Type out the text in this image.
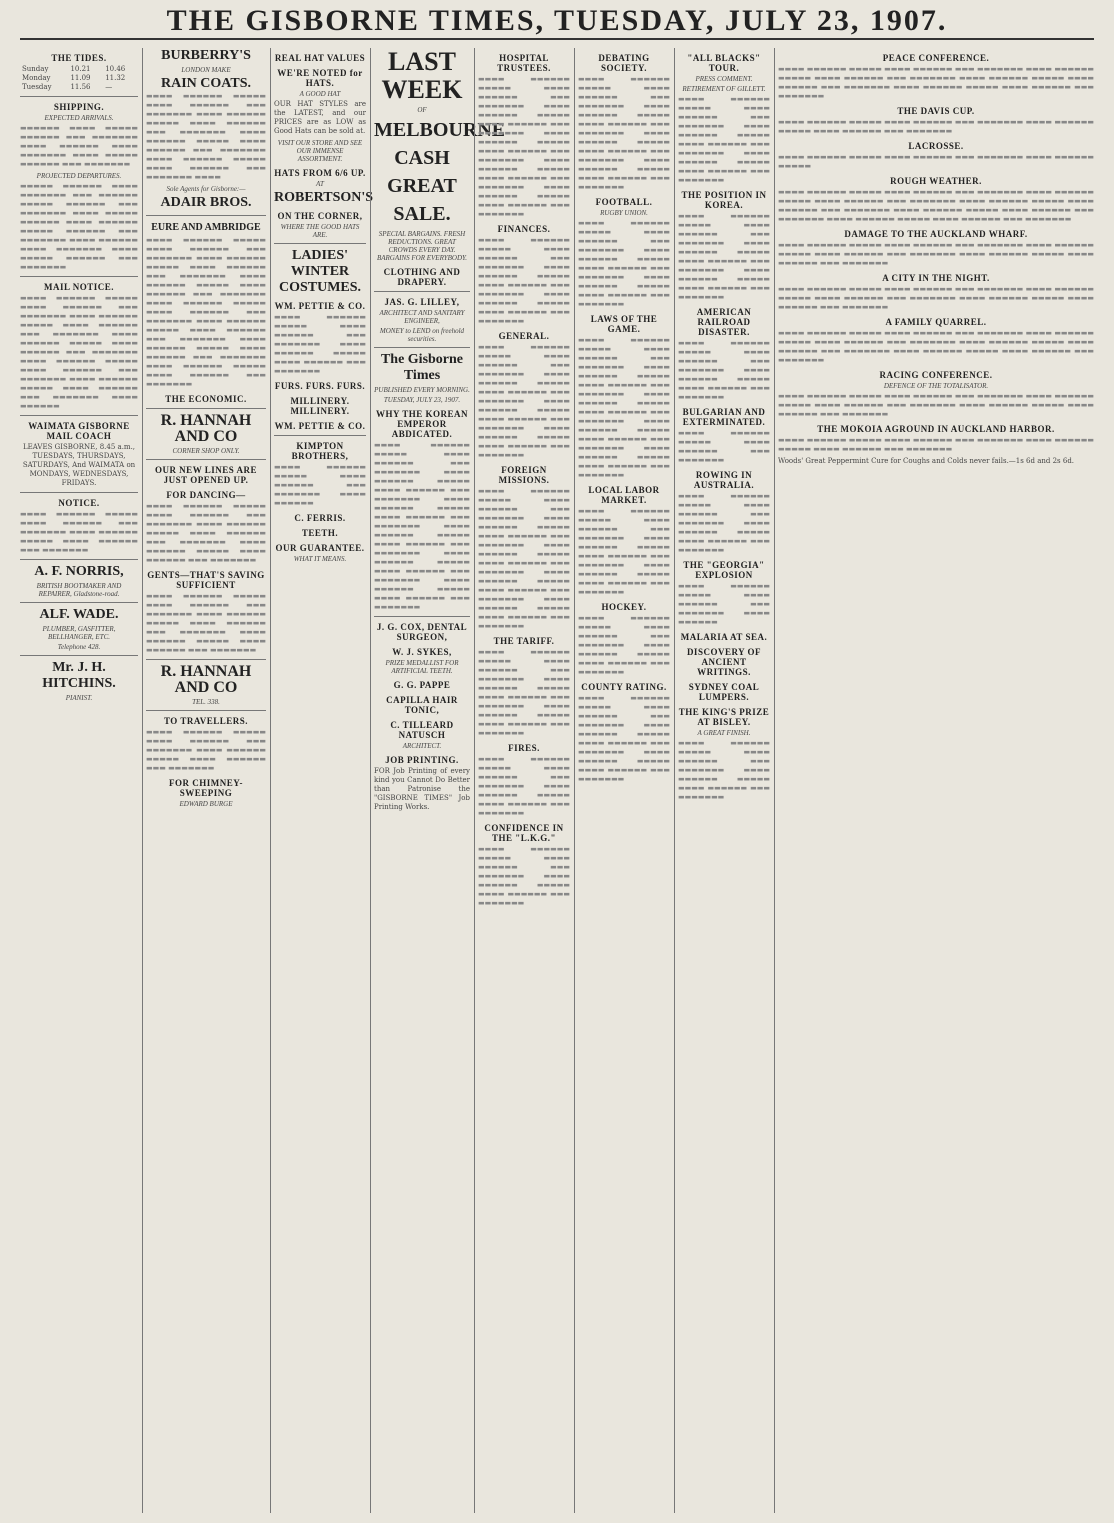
THE GISBORNE TIMES, TUESDAY, JULY 23, 1907.
THE TIDES.
Sunday	10.21	10.46
Monday	11.09	11.32
Tuesday	11.56	—
SHIPPING.
EXPECTED ARRIVALS.

▬▬▬▬▬▬ ▬▬▬▬ ▬▬▬▬▬ ▬▬▬▬▬▬ ▬▬▬ ▬▬▬▬▬▬▬ ▬▬▬▬ ▬▬▬▬▬▬ ▬▬▬▬ ▬▬▬▬▬▬▬ ▬▬▬▬ ▬▬▬▬▬ ▬▬▬▬▬▬ ▬▬▬ ▬▬▬▬▬▬▬

PROJECTED DEPARTURES.

▬▬▬▬▬ ▬▬▬▬▬▬ ▬▬▬▬ ▬▬▬▬▬▬▬ ▬▬▬ ▬▬▬▬▬▬ ▬▬▬▬▬ ▬▬▬▬▬▬ ▬▬▬ ▬▬▬▬▬▬▬ ▬▬▬▬ ▬▬▬▬▬ ▬▬▬▬▬▬ ▬▬▬▬ ▬▬▬▬▬▬ ▬▬▬▬▬ ▬▬▬▬▬▬ ▬▬▬ ▬▬▬▬▬▬▬ ▬▬▬▬ ▬▬▬▬▬▬ ▬▬▬▬ ▬▬▬▬▬▬▬ ▬▬▬▬ ▬▬▬▬▬ ▬▬▬▬▬▬ ▬▬▬ ▬▬▬▬▬▬▬

MAIL NOTICE.

▬▬▬▬ ▬▬▬▬▬▬ ▬▬▬▬▬ ▬▬▬▬ ▬▬▬▬▬▬ ▬▬▬ ▬▬▬▬▬▬▬ ▬▬▬▬ ▬▬▬▬▬▬ ▬▬▬▬▬ ▬▬▬▬ ▬▬▬▬▬▬ ▬▬▬ ▬▬▬▬▬▬▬ ▬▬▬▬ ▬▬▬▬▬▬ ▬▬▬▬▬ ▬▬▬▬ ▬▬▬▬▬▬ ▬▬▬ ▬▬▬▬▬▬▬ ▬▬▬▬ ▬▬▬▬▬▬ ▬▬▬▬▬ ▬▬▬▬ ▬▬▬▬▬▬ ▬▬▬ ▬▬▬▬▬▬▬ ▬▬▬▬ ▬▬▬▬▬▬ ▬▬▬▬▬ ▬▬▬▬ ▬▬▬▬▬▬ ▬▬▬ ▬▬▬▬▬▬▬ ▬▬▬▬ ▬▬▬▬▬▬

WAIMATA GISBORNE MAIL COACH

LEAVES GISBORNE, 8.45 a.m., TUESDAYS, THURSDAYS, SATURDAYS, And WAIMATA on MONDAYS, WEDNESDAYS, FRIDAYS.

NOTICE.

▬▬▬▬ ▬▬▬▬▬▬ ▬▬▬▬▬ ▬▬▬▬ ▬▬▬▬▬▬ ▬▬▬ ▬▬▬▬▬▬▬ ▬▬▬▬ ▬▬▬▬▬▬ ▬▬▬▬▬ ▬▬▬▬ ▬▬▬▬▬▬ ▬▬▬ ▬▬▬▬▬▬▬

A. F. NORRIS,
BRITISH BOOTMAKER AND REPAIRER, Gladstone-road.
ALF. WADE.
PLUMBER, GASFITTER, BELLHANGER, ETC.
Telephone 428.
Mr. J. H. HITCHINS.
PIANIST.
BURBERRY'S
LONDON MAKE
RAIN COATS.

▬▬▬▬ ▬▬▬▬▬▬ ▬▬▬▬▬ ▬▬▬▬ ▬▬▬▬▬▬ ▬▬▬ ▬▬▬▬▬▬▬ ▬▬▬▬ ▬▬▬▬▬▬ ▬▬▬▬▬ ▬▬▬▬ ▬▬▬▬▬▬ ▬▬▬ ▬▬▬▬▬▬▬ ▬▬▬▬ ▬▬▬▬▬▬ ▬▬▬▬▬ ▬▬▬▬ ▬▬▬▬▬▬ ▬▬▬ ▬▬▬▬▬▬▬ ▬▬▬▬ ▬▬▬▬▬▬ ▬▬▬▬▬ ▬▬▬▬ ▬▬▬▬▬▬ ▬▬▬ ▬▬▬▬▬▬▬ ▬▬▬▬

Sole Agents for Gisborne:—
ADAIR BROS.
EURE AND AMBRIDGE

▬▬▬▬ ▬▬▬▬▬▬ ▬▬▬▬▬ ▬▬▬▬ ▬▬▬▬▬▬ ▬▬▬ ▬▬▬▬▬▬▬ ▬▬▬▬ ▬▬▬▬▬▬ ▬▬▬▬▬ ▬▬▬▬ ▬▬▬▬▬▬ ▬▬▬ ▬▬▬▬▬▬▬ ▬▬▬▬ ▬▬▬▬▬▬ ▬▬▬▬▬ ▬▬▬▬ ▬▬▬▬▬▬ ▬▬▬ ▬▬▬▬▬▬▬ ▬▬▬▬ ▬▬▬▬▬▬ ▬▬▬▬▬ ▬▬▬▬ ▬▬▬▬▬▬ ▬▬▬ ▬▬▬▬▬▬▬ ▬▬▬▬ ▬▬▬▬▬▬ ▬▬▬▬▬ ▬▬▬▬ ▬▬▬▬▬▬ ▬▬▬ ▬▬▬▬▬▬▬ ▬▬▬▬ ▬▬▬▬▬▬ ▬▬▬▬▬ ▬▬▬▬ ▬▬▬▬▬▬ ▬▬▬ ▬▬▬▬▬▬▬ ▬▬▬▬ ▬▬▬▬▬▬ ▬▬▬▬▬ ▬▬▬▬ ▬▬▬▬▬▬ ▬▬▬ ▬▬▬▬▬▬▬

THE ECONOMIC.
R. HANNAH AND CO
CORNER SHOP ONLY.
OUR NEW LINES ARE JUST OPENED UP.
FOR DANCING—

▬▬▬▬ ▬▬▬▬▬▬ ▬▬▬▬▬ ▬▬▬▬ ▬▬▬▬▬▬ ▬▬▬ ▬▬▬▬▬▬▬ ▬▬▬▬ ▬▬▬▬▬▬ ▬▬▬▬▬ ▬▬▬▬ ▬▬▬▬▬▬ ▬▬▬ ▬▬▬▬▬▬▬ ▬▬▬▬ ▬▬▬▬▬▬ ▬▬▬▬▬ ▬▬▬▬ ▬▬▬▬▬▬ ▬▬▬ ▬▬▬▬▬▬▬

GENTS—THAT'S SAVING SUFFICIENT

▬▬▬▬ ▬▬▬▬▬▬ ▬▬▬▬▬ ▬▬▬▬ ▬▬▬▬▬▬ ▬▬▬ ▬▬▬▬▬▬▬ ▬▬▬▬ ▬▬▬▬▬▬ ▬▬▬▬▬ ▬▬▬▬ ▬▬▬▬▬▬ ▬▬▬ ▬▬▬▬▬▬▬ ▬▬▬▬ ▬▬▬▬▬▬ ▬▬▬▬▬ ▬▬▬▬ ▬▬▬▬▬▬ ▬▬▬ ▬▬▬▬▬▬▬

R. HANNAH AND CO
TEL. 338.
TO TRAVELLERS.

▬▬▬▬ ▬▬▬▬▬▬ ▬▬▬▬▬ ▬▬▬▬ ▬▬▬▬▬▬ ▬▬▬ ▬▬▬▬▬▬▬ ▬▬▬▬ ▬▬▬▬▬▬ ▬▬▬▬▬ ▬▬▬▬ ▬▬▬▬▬▬ ▬▬▬ ▬▬▬▬▬▬▬

FOR CHIMNEY-SWEEPING
EDWARD BURGE
REAL HAT VALUES
WE'RE NOTED for HATS.
A GOOD HAT

OUR HAT STYLES are the LATEST, and our PRICES are as LOW as Good Hats can be sold at.

VISIT OUR STORE AND SEE OUR IMMENSE ASSORTMENT.
HATS FROM 6/6 UP.
AT
ROBERTSON'S
ON THE CORNER,
WHERE THE GOOD HATS ARE.
LADIES' WINTER COSTUMES.
WM. PETTIE & CO.

▬▬▬▬ ▬▬▬▬▬▬ ▬▬▬▬▬ ▬▬▬▬ ▬▬▬▬▬▬ ▬▬▬ ▬▬▬▬▬▬▬ ▬▬▬▬ ▬▬▬▬▬▬ ▬▬▬▬▬ ▬▬▬▬ ▬▬▬▬▬▬ ▬▬▬ ▬▬▬▬▬▬▬

FURS. FURS. FURS.
MILLINERY. MILLINERY.
WM. PETTIE & CO.
KIMPTON BROTHERS,

▬▬▬▬ ▬▬▬▬▬▬ ▬▬▬▬▬ ▬▬▬▬ ▬▬▬▬▬▬ ▬▬▬ ▬▬▬▬▬▬▬ ▬▬▬▬ ▬▬▬▬▬▬

C. FERRIS.
TEETH.
OUR GUARANTEE.
WHAT IT MEANS.
LAST WEEK
OF
MELBOURNE CASH
GREAT SALE.
SPECIAL BARGAINS. FRESH REDUCTIONS. GREAT CROWDS EVERY DAY. BARGAINS FOR EVERYBODY.
CLOTHING AND DRAPERY.
JAS. G. LILLEY,
ARCHITECT AND SANITARY ENGINEER,
MONEY to LEND on freehold securities.
The Gisborne Times
PUBLISHED EVERY MORNING.
TUESDAY, JULY 23, 1907.
WHY THE KOREAN EMPEROR ABDICATED.

▬▬▬▬ ▬▬▬▬▬▬ ▬▬▬▬▬ ▬▬▬▬ ▬▬▬▬▬▬ ▬▬▬ ▬▬▬▬▬▬▬ ▬▬▬▬ ▬▬▬▬▬▬ ▬▬▬▬▬ ▬▬▬▬ ▬▬▬▬▬▬ ▬▬▬ ▬▬▬▬▬▬▬ ▬▬▬▬ ▬▬▬▬▬▬ ▬▬▬▬▬ ▬▬▬▬ ▬▬▬▬▬▬ ▬▬▬ ▬▬▬▬▬▬▬ ▬▬▬▬ ▬▬▬▬▬▬ ▬▬▬▬▬ ▬▬▬▬ ▬▬▬▬▬▬ ▬▬▬ ▬▬▬▬▬▬▬ ▬▬▬▬ ▬▬▬▬▬▬ ▬▬▬▬▬ ▬▬▬▬ ▬▬▬▬▬▬ ▬▬▬ ▬▬▬▬▬▬▬ ▬▬▬▬ ▬▬▬▬▬▬ ▬▬▬▬▬ ▬▬▬▬ ▬▬▬▬▬▬ ▬▬▬ ▬▬▬▬▬▬▬

J. G. COX, DENTAL SURGEON,
W. J. SYKES,
PRIZE MEDALLIST FOR ARTIFICIAL TEETH.
G. G. PAPPE
CAPILLA HAIR TONIC,
C. TILLEARD NATUSCH
ARCHITECT.
JOB PRINTING.

FOR Job Printing of every kind you Cannot Do Better than Patronise the "GISBORNE TIMES" Job Printing Works.

HOSPITAL TRUSTEES.

▬▬▬▬ ▬▬▬▬▬▬ ▬▬▬▬▬ ▬▬▬▬ ▬▬▬▬▬▬ ▬▬▬ ▬▬▬▬▬▬▬ ▬▬▬▬ ▬▬▬▬▬▬ ▬▬▬▬▬ ▬▬▬▬ ▬▬▬▬▬▬ ▬▬▬ ▬▬▬▬▬▬▬ ▬▬▬▬ ▬▬▬▬▬▬ ▬▬▬▬▬ ▬▬▬▬ ▬▬▬▬▬▬ ▬▬▬ ▬▬▬▬▬▬▬ ▬▬▬▬ ▬▬▬▬▬▬ ▬▬▬▬▬ ▬▬▬▬ ▬▬▬▬▬▬ ▬▬▬ ▬▬▬▬▬▬▬ ▬▬▬▬ ▬▬▬▬▬▬ ▬▬▬▬▬ ▬▬▬▬ ▬▬▬▬▬▬ ▬▬▬ ▬▬▬▬▬▬▬

FINANCES.

▬▬▬▬ ▬▬▬▬▬▬ ▬▬▬▬▬ ▬▬▬▬ ▬▬▬▬▬▬ ▬▬▬ ▬▬▬▬▬▬▬ ▬▬▬▬ ▬▬▬▬▬▬ ▬▬▬▬▬ ▬▬▬▬ ▬▬▬▬▬▬ ▬▬▬ ▬▬▬▬▬▬▬ ▬▬▬▬ ▬▬▬▬▬▬ ▬▬▬▬▬ ▬▬▬▬ ▬▬▬▬▬▬ ▬▬▬ ▬▬▬▬▬▬▬

GENERAL.

▬▬▬▬ ▬▬▬▬▬▬ ▬▬▬▬▬ ▬▬▬▬ ▬▬▬▬▬▬ ▬▬▬ ▬▬▬▬▬▬▬ ▬▬▬▬ ▬▬▬▬▬▬ ▬▬▬▬▬ ▬▬▬▬ ▬▬▬▬▬▬ ▬▬▬ ▬▬▬▬▬▬▬ ▬▬▬▬ ▬▬▬▬▬▬ ▬▬▬▬▬ ▬▬▬▬ ▬▬▬▬▬▬ ▬▬▬ ▬▬▬▬▬▬▬ ▬▬▬▬ ▬▬▬▬▬▬ ▬▬▬▬▬ ▬▬▬▬ ▬▬▬▬▬▬ ▬▬▬ ▬▬▬▬▬▬▬

FOREIGN MISSIONS.

▬▬▬▬ ▬▬▬▬▬▬ ▬▬▬▬▬ ▬▬▬▬ ▬▬▬▬▬▬ ▬▬▬ ▬▬▬▬▬▬▬ ▬▬▬▬ ▬▬▬▬▬▬ ▬▬▬▬▬ ▬▬▬▬ ▬▬▬▬▬▬ ▬▬▬ ▬▬▬▬▬▬▬ ▬▬▬▬ ▬▬▬▬▬▬ ▬▬▬▬▬ ▬▬▬▬ ▬▬▬▬▬▬ ▬▬▬ ▬▬▬▬▬▬▬ ▬▬▬▬ ▬▬▬▬▬▬ ▬▬▬▬▬ ▬▬▬▬ ▬▬▬▬▬▬ ▬▬▬ ▬▬▬▬▬▬▬ ▬▬▬▬ ▬▬▬▬▬▬ ▬▬▬▬▬ ▬▬▬▬ ▬▬▬▬▬▬ ▬▬▬ ▬▬▬▬▬▬▬

THE TARIFF.

▬▬▬▬ ▬▬▬▬▬▬ ▬▬▬▬▬ ▬▬▬▬ ▬▬▬▬▬▬ ▬▬▬ ▬▬▬▬▬▬▬ ▬▬▬▬ ▬▬▬▬▬▬ ▬▬▬▬▬ ▬▬▬▬ ▬▬▬▬▬▬ ▬▬▬ ▬▬▬▬▬▬▬ ▬▬▬▬ ▬▬▬▬▬▬ ▬▬▬▬▬ ▬▬▬▬ ▬▬▬▬▬▬ ▬▬▬ ▬▬▬▬▬▬▬

FIRES.

▬▬▬▬ ▬▬▬▬▬▬ ▬▬▬▬▬ ▬▬▬▬ ▬▬▬▬▬▬ ▬▬▬ ▬▬▬▬▬▬▬ ▬▬▬▬ ▬▬▬▬▬▬ ▬▬▬▬▬ ▬▬▬▬ ▬▬▬▬▬▬ ▬▬▬ ▬▬▬▬▬▬▬

CONFIDENCE IN THE "L.K.G."

▬▬▬▬ ▬▬▬▬▬▬ ▬▬▬▬▬ ▬▬▬▬ ▬▬▬▬▬▬ ▬▬▬ ▬▬▬▬▬▬▬ ▬▬▬▬ ▬▬▬▬▬▬ ▬▬▬▬▬ ▬▬▬▬ ▬▬▬▬▬▬ ▬▬▬ ▬▬▬▬▬▬▬

DEBATING SOCIETY.

▬▬▬▬ ▬▬▬▬▬▬ ▬▬▬▬▬ ▬▬▬▬ ▬▬▬▬▬▬ ▬▬▬ ▬▬▬▬▬▬▬ ▬▬▬▬ ▬▬▬▬▬▬ ▬▬▬▬▬ ▬▬▬▬ ▬▬▬▬▬▬ ▬▬▬ ▬▬▬▬▬▬▬ ▬▬▬▬ ▬▬▬▬▬▬ ▬▬▬▬▬ ▬▬▬▬ ▬▬▬▬▬▬ ▬▬▬ ▬▬▬▬▬▬▬ ▬▬▬▬ ▬▬▬▬▬▬ ▬▬▬▬▬ ▬▬▬▬ ▬▬▬▬▬▬ ▬▬▬ ▬▬▬▬▬▬▬

FOOTBALL.
RUGBY UNION.

▬▬▬▬ ▬▬▬▬▬▬ ▬▬▬▬▬ ▬▬▬▬ ▬▬▬▬▬▬ ▬▬▬ ▬▬▬▬▬▬▬ ▬▬▬▬ ▬▬▬▬▬▬ ▬▬▬▬▬ ▬▬▬▬ ▬▬▬▬▬▬ ▬▬▬ ▬▬▬▬▬▬▬ ▬▬▬▬ ▬▬▬▬▬▬ ▬▬▬▬▬ ▬▬▬▬ ▬▬▬▬▬▬ ▬▬▬ ▬▬▬▬▬▬▬

LAWS OF THE GAME.

▬▬▬▬ ▬▬▬▬▬▬ ▬▬▬▬▬ ▬▬▬▬ ▬▬▬▬▬▬ ▬▬▬ ▬▬▬▬▬▬▬ ▬▬▬▬ ▬▬▬▬▬▬ ▬▬▬▬▬ ▬▬▬▬ ▬▬▬▬▬▬ ▬▬▬ ▬▬▬▬▬▬▬ ▬▬▬▬ ▬▬▬▬▬▬ ▬▬▬▬▬ ▬▬▬▬ ▬▬▬▬▬▬ ▬▬▬ ▬▬▬▬▬▬▬ ▬▬▬▬ ▬▬▬▬▬▬ ▬▬▬▬▬ ▬▬▬▬ ▬▬▬▬▬▬ ▬▬▬ ▬▬▬▬▬▬▬ ▬▬▬▬ ▬▬▬▬▬▬ ▬▬▬▬▬ ▬▬▬▬ ▬▬▬▬▬▬ ▬▬▬ ▬▬▬▬▬▬▬

LOCAL LABOR MARKET.

▬▬▬▬ ▬▬▬▬▬▬ ▬▬▬▬▬ ▬▬▬▬ ▬▬▬▬▬▬ ▬▬▬ ▬▬▬▬▬▬▬ ▬▬▬▬ ▬▬▬▬▬▬ ▬▬▬▬▬ ▬▬▬▬ ▬▬▬▬▬▬ ▬▬▬ ▬▬▬▬▬▬▬ ▬▬▬▬ ▬▬▬▬▬▬ ▬▬▬▬▬ ▬▬▬▬ ▬▬▬▬▬▬ ▬▬▬ ▬▬▬▬▬▬▬

HOCKEY.

▬▬▬▬ ▬▬▬▬▬▬ ▬▬▬▬▬ ▬▬▬▬ ▬▬▬▬▬▬ ▬▬▬ ▬▬▬▬▬▬▬ ▬▬▬▬ ▬▬▬▬▬▬ ▬▬▬▬▬ ▬▬▬▬ ▬▬▬▬▬▬ ▬▬▬ ▬▬▬▬▬▬▬

COUNTY RATING.

▬▬▬▬ ▬▬▬▬▬▬ ▬▬▬▬▬ ▬▬▬▬ ▬▬▬▬▬▬ ▬▬▬ ▬▬▬▬▬▬▬ ▬▬▬▬ ▬▬▬▬▬▬ ▬▬▬▬▬ ▬▬▬▬ ▬▬▬▬▬▬ ▬▬▬ ▬▬▬▬▬▬▬ ▬▬▬▬ ▬▬▬▬▬▬ ▬▬▬▬▬ ▬▬▬▬ ▬▬▬▬▬▬ ▬▬▬ ▬▬▬▬▬▬▬

"ALL BLACKS" TOUR.
PRESS COMMENT.
RETIREMENT OF GILLETT.

▬▬▬▬ ▬▬▬▬▬▬ ▬▬▬▬▬ ▬▬▬▬ ▬▬▬▬▬▬ ▬▬▬ ▬▬▬▬▬▬▬ ▬▬▬▬ ▬▬▬▬▬▬ ▬▬▬▬▬ ▬▬▬▬ ▬▬▬▬▬▬ ▬▬▬ ▬▬▬▬▬▬▬ ▬▬▬▬ ▬▬▬▬▬▬ ▬▬▬▬▬ ▬▬▬▬ ▬▬▬▬▬▬ ▬▬▬ ▬▬▬▬▬▬▬

THE POSITION IN KOREA.

▬▬▬▬ ▬▬▬▬▬▬ ▬▬▬▬▬ ▬▬▬▬ ▬▬▬▬▬▬ ▬▬▬ ▬▬▬▬▬▬▬ ▬▬▬▬ ▬▬▬▬▬▬ ▬▬▬▬▬ ▬▬▬▬ ▬▬▬▬▬▬ ▬▬▬ ▬▬▬▬▬▬▬ ▬▬▬▬ ▬▬▬▬▬▬ ▬▬▬▬▬ ▬▬▬▬ ▬▬▬▬▬▬ ▬▬▬ ▬▬▬▬▬▬▬

AMERICAN RAILROAD DISASTER.

▬▬▬▬ ▬▬▬▬▬▬ ▬▬▬▬▬ ▬▬▬▬ ▬▬▬▬▬▬ ▬▬▬ ▬▬▬▬▬▬▬ ▬▬▬▬ ▬▬▬▬▬▬ ▬▬▬▬▬ ▬▬▬▬ ▬▬▬▬▬▬ ▬▬▬ ▬▬▬▬▬▬▬

BULGARIAN AND EXTERMINATED.

▬▬▬▬ ▬▬▬▬▬▬ ▬▬▬▬▬ ▬▬▬▬ ▬▬▬▬▬▬ ▬▬▬ ▬▬▬▬▬▬▬

ROWING IN AUSTRALIA.

▬▬▬▬ ▬▬▬▬▬▬ ▬▬▬▬▬ ▬▬▬▬ ▬▬▬▬▬▬ ▬▬▬ ▬▬▬▬▬▬▬ ▬▬▬▬ ▬▬▬▬▬▬ ▬▬▬▬▬ ▬▬▬▬ ▬▬▬▬▬▬ ▬▬▬ ▬▬▬▬▬▬▬

THE "GEORGIA" EXPLOSION

▬▬▬▬ ▬▬▬▬▬▬ ▬▬▬▬▬ ▬▬▬▬ ▬▬▬▬▬▬ ▬▬▬ ▬▬▬▬▬▬▬ ▬▬▬▬ ▬▬▬▬▬▬

MALARIA AT SEA.
DISCOVERY OF ANCIENT WRITINGS.
SYDNEY COAL LUMPERS.
THE KING'S PRIZE AT BISLEY.
A GREAT FINISH.

▬▬▬▬ ▬▬▬▬▬▬ ▬▬▬▬▬ ▬▬▬▬ ▬▬▬▬▬▬ ▬▬▬ ▬▬▬▬▬▬▬ ▬▬▬▬ ▬▬▬▬▬▬ ▬▬▬▬▬ ▬▬▬▬ ▬▬▬▬▬▬ ▬▬▬ ▬▬▬▬▬▬▬

PEACE CONFERENCE.

▬▬▬▬ ▬▬▬▬▬▬ ▬▬▬▬▬ ▬▬▬▬ ▬▬▬▬▬▬ ▬▬▬ ▬▬▬▬▬▬▬ ▬▬▬▬ ▬▬▬▬▬▬ ▬▬▬▬▬ ▬▬▬▬ ▬▬▬▬▬▬ ▬▬▬ ▬▬▬▬▬▬▬ ▬▬▬▬ ▬▬▬▬▬▬ ▬▬▬▬▬ ▬▬▬▬ ▬▬▬▬▬▬ ▬▬▬ ▬▬▬▬▬▬▬ ▬▬▬▬ ▬▬▬▬▬▬ ▬▬▬▬▬ ▬▬▬▬ ▬▬▬▬▬▬ ▬▬▬ ▬▬▬▬▬▬▬

THE DAVIS CUP.

▬▬▬▬ ▬▬▬▬▬▬ ▬▬▬▬▬ ▬▬▬▬ ▬▬▬▬▬▬ ▬▬▬ ▬▬▬▬▬▬▬ ▬▬▬▬ ▬▬▬▬▬▬ ▬▬▬▬▬ ▬▬▬▬ ▬▬▬▬▬▬ ▬▬▬ ▬▬▬▬▬▬▬

LACROSSE.

▬▬▬▬ ▬▬▬▬▬▬ ▬▬▬▬▬ ▬▬▬▬ ▬▬▬▬▬▬ ▬▬▬ ▬▬▬▬▬▬▬ ▬▬▬▬ ▬▬▬▬▬▬ ▬▬▬▬▬

ROUGH WEATHER.

▬▬▬▬ ▬▬▬▬▬▬ ▬▬▬▬▬ ▬▬▬▬ ▬▬▬▬▬▬ ▬▬▬ ▬▬▬▬▬▬▬ ▬▬▬▬ ▬▬▬▬▬▬ ▬▬▬▬▬ ▬▬▬▬ ▬▬▬▬▬▬ ▬▬▬ ▬▬▬▬▬▬▬ ▬▬▬▬ ▬▬▬▬▬▬ ▬▬▬▬▬ ▬▬▬▬ ▬▬▬▬▬▬ ▬▬▬ ▬▬▬▬▬▬▬ ▬▬▬▬ ▬▬▬▬▬▬ ▬▬▬▬▬ ▬▬▬▬ ▬▬▬▬▬▬ ▬▬▬ ▬▬▬▬▬▬▬ ▬▬▬▬ ▬▬▬▬▬▬ ▬▬▬▬▬ ▬▬▬▬ ▬▬▬▬▬▬ ▬▬▬ ▬▬▬▬▬▬▬

DAMAGE TO THE AUCKLAND WHARF.

▬▬▬▬ ▬▬▬▬▬▬ ▬▬▬▬▬ ▬▬▬▬ ▬▬▬▬▬▬ ▬▬▬ ▬▬▬▬▬▬▬ ▬▬▬▬ ▬▬▬▬▬▬ ▬▬▬▬▬ ▬▬▬▬ ▬▬▬▬▬▬ ▬▬▬ ▬▬▬▬▬▬▬ ▬▬▬▬ ▬▬▬▬▬▬ ▬▬▬▬▬ ▬▬▬▬ ▬▬▬▬▬▬ ▬▬▬ ▬▬▬▬▬▬▬

A CITY IN THE NIGHT.

▬▬▬▬ ▬▬▬▬▬▬ ▬▬▬▬▬ ▬▬▬▬ ▬▬▬▬▬▬ ▬▬▬ ▬▬▬▬▬▬▬ ▬▬▬▬ ▬▬▬▬▬▬ ▬▬▬▬▬ ▬▬▬▬ ▬▬▬▬▬▬ ▬▬▬ ▬▬▬▬▬▬▬ ▬▬▬▬ ▬▬▬▬▬▬ ▬▬▬▬▬ ▬▬▬▬ ▬▬▬▬▬▬ ▬▬▬ ▬▬▬▬▬▬▬

A FAMILY QUARREL.

▬▬▬▬ ▬▬▬▬▬▬ ▬▬▬▬▬ ▬▬▬▬ ▬▬▬▬▬▬ ▬▬▬ ▬▬▬▬▬▬▬ ▬▬▬▬ ▬▬▬▬▬▬ ▬▬▬▬▬ ▬▬▬▬ ▬▬▬▬▬▬ ▬▬▬ ▬▬▬▬▬▬▬ ▬▬▬▬ ▬▬▬▬▬▬ ▬▬▬▬▬ ▬▬▬▬ ▬▬▬▬▬▬ ▬▬▬ ▬▬▬▬▬▬▬ ▬▬▬▬ ▬▬▬▬▬▬ ▬▬▬▬▬ ▬▬▬▬ ▬▬▬▬▬▬ ▬▬▬ ▬▬▬▬▬▬▬

RACING CONFERENCE.
DEFENCE OF THE TOTALISATOR.

▬▬▬▬ ▬▬▬▬▬▬ ▬▬▬▬▬ ▬▬▬▬ ▬▬▬▬▬▬ ▬▬▬ ▬▬▬▬▬▬▬ ▬▬▬▬ ▬▬▬▬▬▬ ▬▬▬▬▬ ▬▬▬▬ ▬▬▬▬▬▬ ▬▬▬ ▬▬▬▬▬▬▬ ▬▬▬▬ ▬▬▬▬▬▬ ▬▬▬▬▬ ▬▬▬▬ ▬▬▬▬▬▬ ▬▬▬ ▬▬▬▬▬▬▬

THE MOKOIA AGROUND IN AUCKLAND HARBOR.

▬▬▬▬ ▬▬▬▬▬▬ ▬▬▬▬▬ ▬▬▬▬ ▬▬▬▬▬▬ ▬▬▬ ▬▬▬▬▬▬▬ ▬▬▬▬ ▬▬▬▬▬▬ ▬▬▬▬▬ ▬▬▬▬ ▬▬▬▬▬▬ ▬▬▬ ▬▬▬▬▬▬▬

Woods' Great Peppermint Cure for Coughs and Colds never fails.—1s 6d and 2s 6d.
